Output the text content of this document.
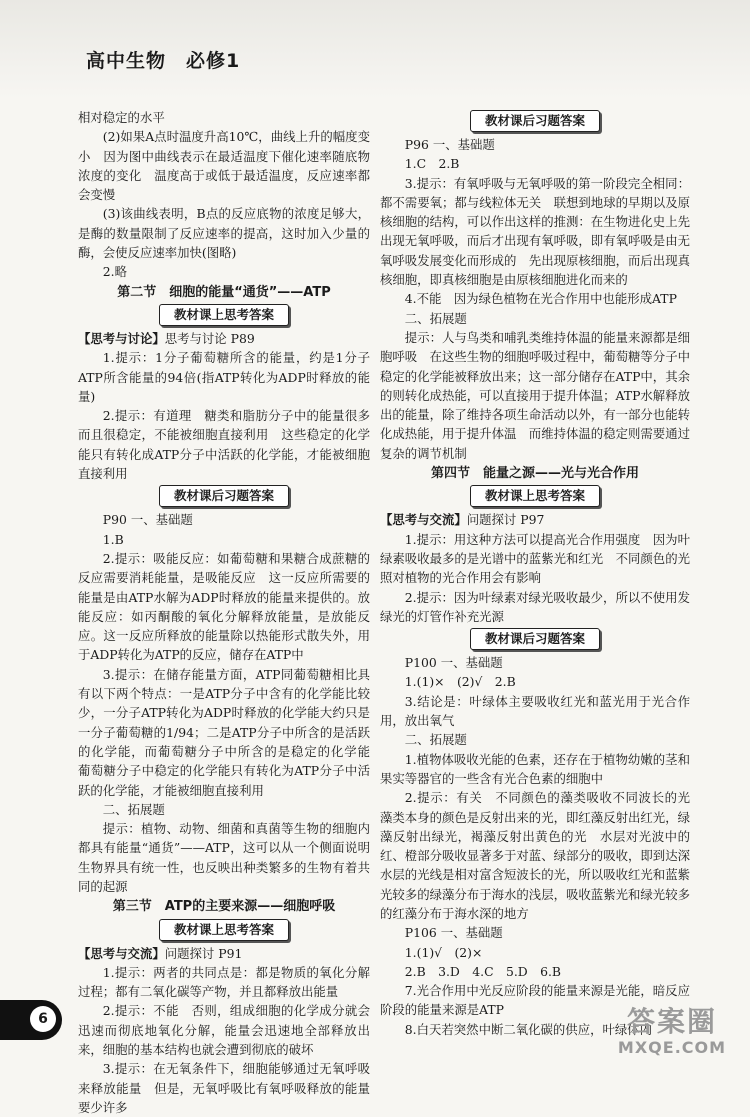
高中生物　必修1

相对稳定的水平

(2)如果A点时温度升高10℃，曲线上升的幅度变小　因为图中曲线表示在最适温度下催化速率随底物浓度的变化　温度高于或低于最适温度，反应速率都会变慢

(3)该曲线表明，B点的反应底物的浓度足够大，是酶的数量限制了反应速率的提高，这时加入少量的酶，会使反应速率加快(图略)

2.略

第二节　细胞的能量“通货”——ATP
教材课上思考答案

【思考与讨论】思考与讨论 P89

1.提示：1分子葡萄糖所含的能量，约是1分子ATP所含能量的94倍(指ATP转化为ADP时释放的能量)

2.提示：有道理　糖类和脂肪分子中的能量很多而且很稳定，不能被细胞直接利用　这些稳定的化学能只有转化成ATP分子中活跃的化学能，才能被细胞直接利用

教材课后习题答案

P90 一、基础题

1.B

2.提示：吸能反应：如葡萄糖和果糖合成蔗糖的反应需要消耗能量，是吸能反应　这一反应所需要的能量是由ATP水解为ADP时释放的能量来提供的。放能反应：如丙酮酸的氧化分解释放能量，是放能反应。这一反应所释放的能量除以热能形式散失外，用于ADP转化为ATP的反应，储存在ATP中

3.提示：在储存能量方面，ATP同葡萄糖相比具有以下两个特点：一是ATP分子中含有的化学能比较少，一分子ATP转化为ADP时释放的化学能大约只是一分子葡萄糖的1/94；二是ATP分子中所含的是活跃的化学能，而葡萄糖分子中所含的是稳定的化学能　葡萄糖分子中稳定的化学能只有转化为ATP分子中活跃的化学能，才能被细胞直接利用

二、拓展题

提示：植物、动物、细菌和真菌等生物的细胞内都具有能量“通货”——ATP，这可以从一个侧面说明生物界具有统一性，也反映出种类繁多的生物有着共同的起源

第三节　ATP的主要来源——细胞呼吸
教材课上思考答案

【思考与交流】问题探讨 P91

1.提示：两者的共同点是：都是物质的氧化分解过程；都有二氧化碳等产物，并且都释放出能量

2.提示：不能　否则，组成细胞的化学成分就会迅速而彻底地氧化分解，能量会迅速地全部释放出来，细胞的基本结构也就会遭到彻底的破坏

3.提示：在无氧条件下，细胞能够通过无氧呼吸来释放能量　但是，无氧呼吸比有氧呼吸释放的能量要少许多

教材课后习题答案

P96 一、基础题

1.C　2.B

3.提示：有氧呼吸与无氧呼吸的第一阶段完全相同：都不需要氧；都与线粒体无关　联想到地球的早期以及原核细胞的结构，可以作出这样的推测：在生物进化史上先出现无氧呼吸，而后才出现有氧呼吸，即有氧呼吸是由无氧呼吸发展变化而形成的　先出现原核细胞，而后出现真核细胞，即真核细胞是由原核细胞进化而来的

4.不能　因为绿色植物在光合作用中也能形成ATP

二、拓展题

提示：人与鸟类和哺乳类维持体温的能量来源都是细胞呼吸　在这些生物的细胞呼吸过程中，葡萄糖等分子中稳定的化学能被释放出来；这一部分储存在ATP中，其余的则转化成热能，可以直接用于提升体温；ATP水解释放出的能量，除了维持各项生命活动以外，有一部分也能转化成热能，用于提升体温　而维持体温的稳定则需要通过复杂的调节机制

第四节　能量之源——光与光合作用
教材课上思考答案

【思考与交流】问题探讨 P97

1.提示：用这种方法可以提高光合作用强度　因为叶绿素吸收最多的是光谱中的蓝紫光和红光　不同颜色的光照对植物的光合作用会有影响

2.提示：因为叶绿素对绿光吸收最少，所以不使用发绿光的灯管作补充光源

教材课后习题答案

P100 一、基础题

1.(1)×　(2)√　2.B

3.结论是：叶绿体主要吸收红光和蓝光用于光合作用，放出氧气

二、拓展题

1.植物体吸收光能的色素，还存在于植物幼嫩的茎和果实等器官的一些含有光合色素的细胞中

2.提示：有关　不同颜色的藻类吸收不同波长的光　藻类本身的颜色是反射出来的光，即红藻反射出红光，绿藻反射出绿光，褐藻反射出黄色的光　水层对光波中的红、橙部分吸收显著多于对蓝、绿部分的吸收，即到达深水层的光线是相对富含短波长的光，所以吸收红光和蓝紫光较多的绿藻分布于海水的浅层，吸收蓝紫光和绿光较多的红藻分布于海水深的地方

P106 一、基础题

1.(1)√　(2)×

2.B　3.D　4.C　5.D　6.B

7.光合作用中光反应阶段的能量来源是光能，暗反应阶段的能量来源是ATP

8.白天若突然中断二氧化碳的供应，叶绿体内

6	答案圈
MXQE.COM
